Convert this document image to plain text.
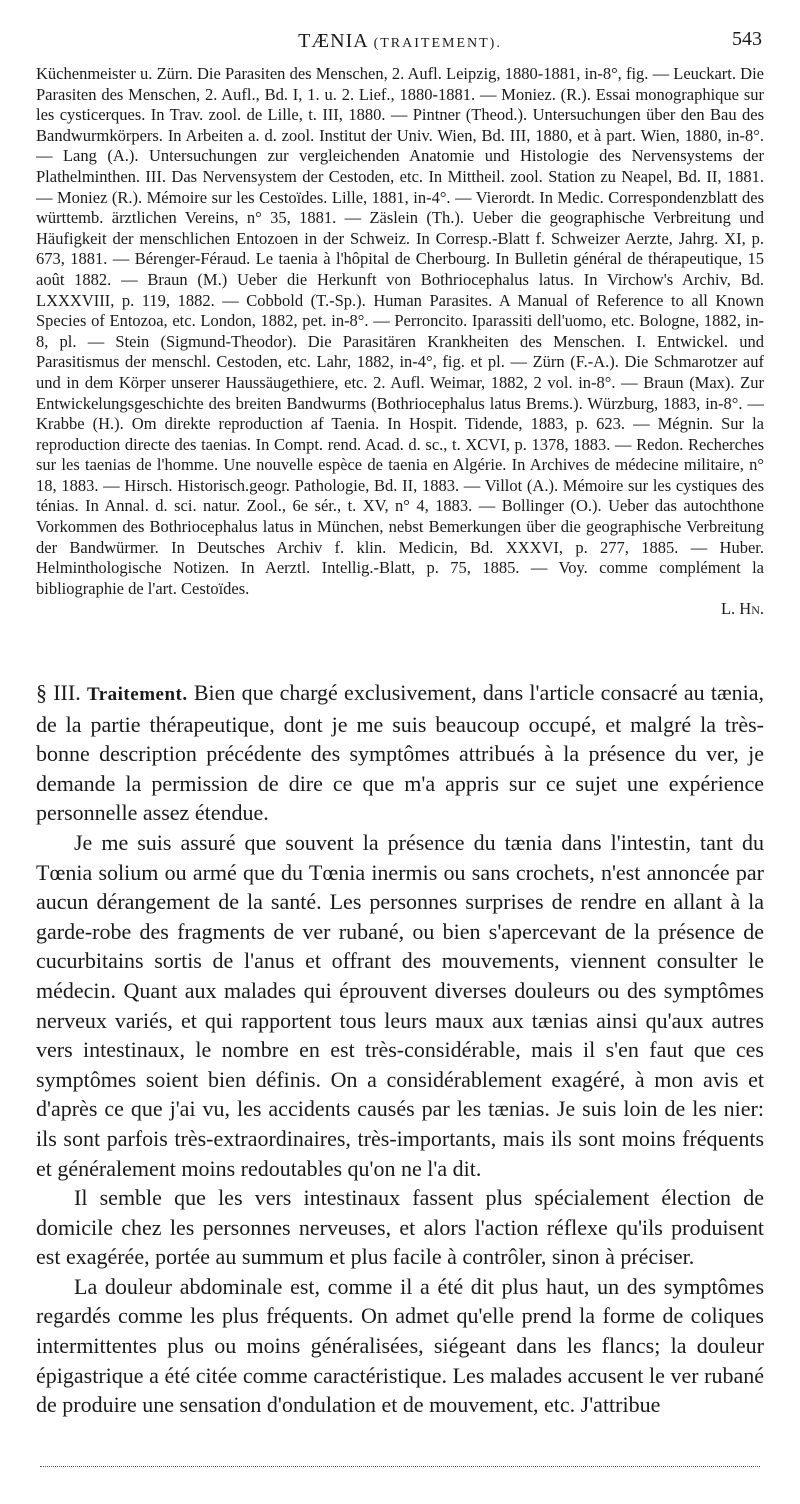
TÆNIA (TRAITEMENT).	543
Küchenmeister u. Zürn. Die Parasiten des Menschen, 2. Aufl. Leipzig, 1880-1881, in-8°, fig. — Leuckart. Die Parasiten des Menschen, 2. Aufl., Bd. I, 1. u. 2. Lief., 1880-1881. — Moniez. (R.). Essai monographique sur les cysticerques. In Trav. zool. de Lille, t. III, 1880. — Pintner (Theod.). Untersuchungen über den Bau des Bandwurmkörpers. In Arbeiten a. d. zool. Institut der Univ. Wien, Bd. III, 1880, et à part. Wien, 1880, in-8°. — Lang (A.). Untersuchungen zur vergleichenden Anatomie und Histologie des Nervensystems der Plathelminthen. III. Das Nervensystem der Cestoden, etc. In Mittheil. zool. Station zu Neapel, Bd. II, 1881. — Moniez (R.). Mémoire sur les Cestoïdes. Lille, 1881, in-4°. — Vierordt. In Medic. Correspondenzblatt des württemb. ärztlichen Vereins, n° 35, 1881. — Zäslein (Th.). Ueber die geographische Verbreitung und Häufigkeit der menschlichen Entozoen in der Schweiz. In Corresp.-Blatt f. Schweizer Aerzte, Jahrg. XI, p. 673, 1881. — Bérenger-Féraud. Le taenia à l'hôpital de Cherbourg. In Bulletin général de thérapeutique, 15 août 1882. — Braun (M.) Ueber die Herkunft von Bothriocephalus latus. In Virchow's Archiv, Bd. LXXXVIII, p. 119, 1882. — Cobbold (T.-Sp.). Human Parasites. A Manual of Reference to all Known Species of Entozoa, etc. London, 1882, pet. in-8°. — Perroncito. Iparassiti dell'uomo, etc. Bologne, 1882, in-8, pl. — Stein (Sigmund-Theodor). Die Parasitären Krankheiten des Menschen. I. Entwickel. und Parasitismus der menschl. Cestoden, etc. Lahr, 1882, in-4°, fig. et pl. — Zürn (F.-A.). Die Schmarotzer auf und in dem Körper unserer Haussäugethiere, etc. 2. Aufl. Weimar, 1882, 2 vol. in-8°. — Braun (Max). Zur Entwickelungsgeschichte des breiten Bandwurms (Bothriocephalus latus Brems.). Würzburg, 1883, in-8°. — Krabbe (H.). Om direkte reproduction af Taenia. In Hospit. Tidende, 1883, p. 623. — Mégnin. Sur la reproduction directe des taenias. In Compt. rend. Acad. d. sc., t. XCVI, p. 1378, 1883. — Redon. Recherches sur les taenias de l'homme. Une nouvelle espèce de taenia en Algérie. In Archives de médecine militaire, n° 18, 1883. — Hirsch. Historisch.geogr. Pathologie, Bd. II, 1883. — Villot (A.). Mémoire sur les cystiques des ténias. In Annal. d. sci. natur. Zool., 6e sér., t. XV, n° 4, 1883. — Bollinger (O.). Ueber das autochthone Vorkommen des Bothriocephalus latus in München, nebst Bemerkungen über die geographische Verbreitung der Bandwürmer. In Deutsches Archiv f. klin. Medicin, Bd. XXXVI, p. 277, 1885. — Huber. Helminthologische Notizen. In Aerztl. Intellig.-Blatt, p. 75, 1885. — Voy. comme complément la bibliographie de l'art. Cestoïdes.
L. Hn.

§ III. Traitement. Bien que chargé exclusivement, dans l'article consacré au tænia, de la partie thérapeutique, dont je me suis beaucoup occupé, et malgré la très-bonne description précédente des symptômes attribués à la présence du ver, je demande la permission de dire ce que m'a appris sur ce sujet une expérience personnelle assez étendue.

Je me suis assuré que souvent la présence du tænia dans l'intestin, tant du Tœnia solium ou armé que du Tœnia inermis ou sans crochets, n'est annoncée par aucun dérangement de la santé. Les personnes surprises de rendre en allant à la garde-robe des fragments de ver rubané, ou bien s'apercevant de la présence de cucurbitains sortis de l'anus et offrant des mouvements, viennent consulter le médecin. Quant aux malades qui éprouvent diverses douleurs ou des symptômes nerveux variés, et qui rapportent tous leurs maux aux tænias ainsi qu'aux autres vers intestinaux, le nombre en est très-considérable, mais il s'en faut que ces symptômes soient bien définis. On a considérablement exagéré, à mon avis et d'après ce que j'ai vu, les accidents causés par les tænias. Je suis loin de les nier: ils sont parfois très-extraordinaires, très-importants, mais ils sont moins fréquents et généralement moins redoutables qu'on ne l'a dit.

Il semble que les vers intestinaux fassent plus spécialement élection de domicile chez les personnes nerveuses, et alors l'action réflexe qu'ils produisent est exagérée, portée au summum et plus facile à contrôler, sinon à préciser.

La douleur abdominale est, comme il a été dit plus haut, un des symptômes regardés comme les plus fréquents. On admet qu'elle prend la forme de coliques intermittentes plus ou moins généralisées, siégeant dans les flancs; la douleur épigastrique a été citée comme caractéristique. Les malades accusent le ver rubané de produire une sensation d'ondulation et de mouvement, etc. J'attribue
